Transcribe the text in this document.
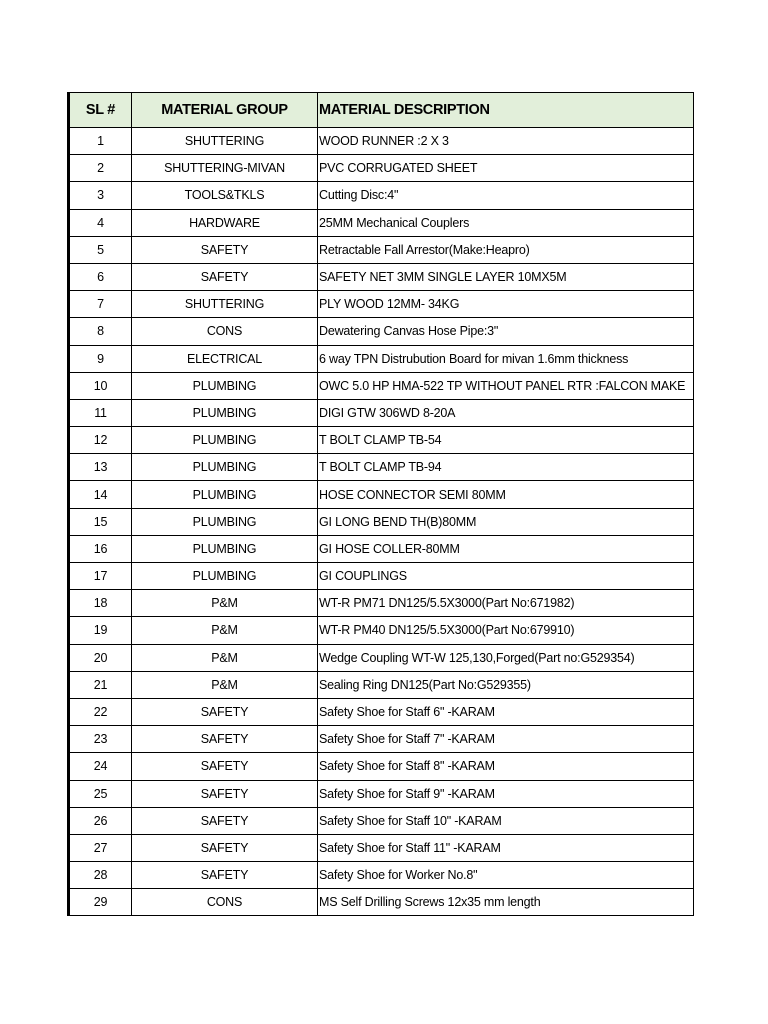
SL #	MATERIAL GROUP	MATERIAL DESCRIPTION
1	SHUTTERING	WOOD RUNNER :2 X 3
2	SHUTTERING-MIVAN	PVC CORRUGATED SHEET
3	TOOLS&TKLS	Cutting Disc:4"
4	HARDWARE	25MM Mechanical Couplers
5	SAFETY	Retractable Fall Arrestor(Make:Heapro)
6	SAFETY	SAFETY NET 3MM SINGLE LAYER 10MX5M
7	SHUTTERING	PLY WOOD 12MM- 34KG
8	CONS	Dewatering Canvas Hose Pipe:3"
9	ELECTRICAL	6 way TPN Distrubution Board for mivan 1.6mm thickness
10	PLUMBING	OWC 5.0 HP HMA-522 TP WITHOUT PANEL RTR :FALCON MAKE
11	PLUMBING	DIGI GTW 306WD 8-20A
12	PLUMBING	T BOLT CLAMP TB-54
13	PLUMBING	T BOLT CLAMP TB-94
14	PLUMBING	HOSE CONNECTOR SEMI 80MM
15	PLUMBING	GI LONG BEND TH(B)80MM
16	PLUMBING	GI HOSE COLLER-80MM
17	PLUMBING	GI COUPLINGS
18	P&M	WT-R PM71 DN125/5.5X3000(Part No:671982)
19	P&M	WT-R PM40 DN125/5.5X3000(Part No:679910)
20	P&M	Wedge Coupling WT-W 125,130,Forged(Part no:G529354)
21	P&M	Sealing Ring DN125(Part No:G529355)
22	SAFETY	Safety Shoe for Staff 6" -KARAM
23	SAFETY	Safety Shoe for Staff 7" -KARAM
24	SAFETY	Safety Shoe for Staff 8" -KARAM
25	SAFETY	Safety Shoe for Staff 9" -KARAM
26	SAFETY	Safety Shoe for Staff 10" -KARAM
27	SAFETY	Safety Shoe for Staff 11" -KARAM
28	SAFETY	Safety Shoe for Worker No.8"
29	CONS	MS Self Drilling Screws 12x35 mm length
